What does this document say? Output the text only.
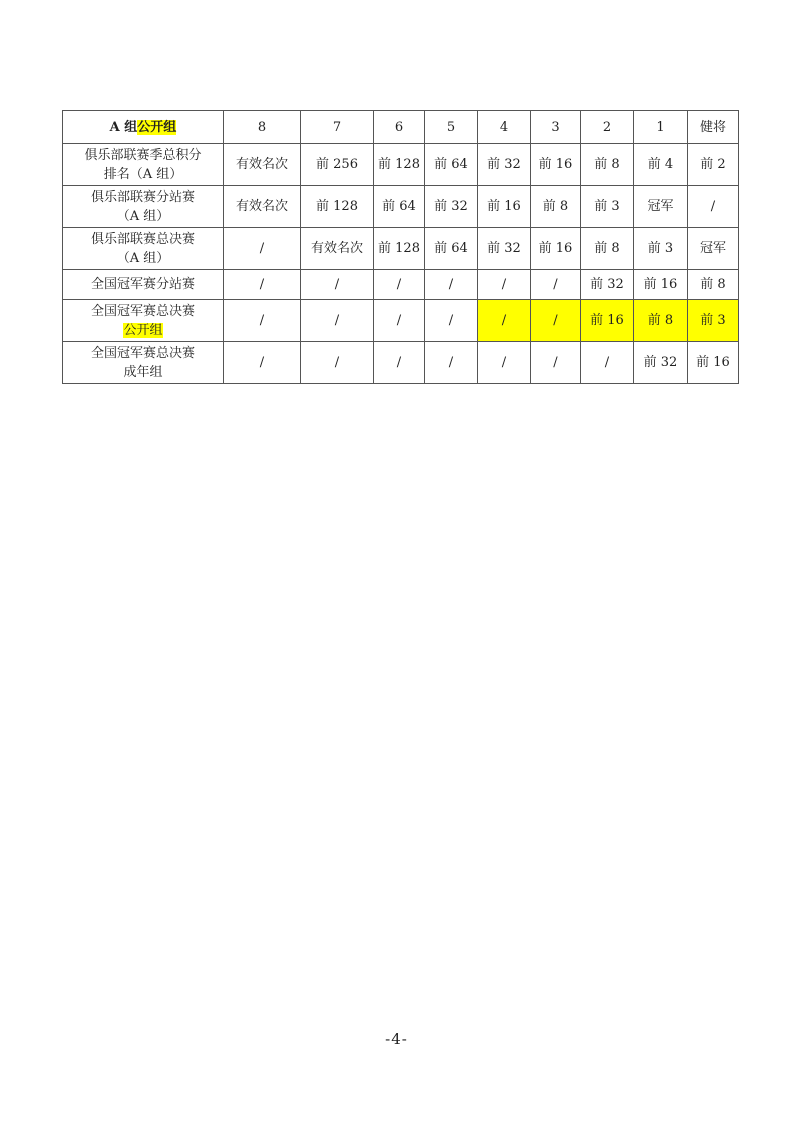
A 组公开组	8	7	6	5	4	3	2	1	健将
俱乐部联赛季总积分
排名（A 组）	有效名次	前 256	前 128	前 64	前 32	前 16	前 8	前 4	前 2
俱乐部联赛分站赛
（A 组）	有效名次	前 128	前 64	前 32	前 16	前 8	前 3	冠军	/
俱乐部联赛总决赛
（A 组）	/	有效名次	前 128	前 64	前 32	前 16	前 8	前 3	冠军
全国冠军赛分站赛	/	/	/	/	/	/	前 32	前 16	前 8
全国冠军赛总决赛
公开组	/	/	/	/	/	/	前 16	前 8	前 3
全国冠军赛总决赛
成年组	/	/	/	/	/	/	/	前 32	前 16
-4-
